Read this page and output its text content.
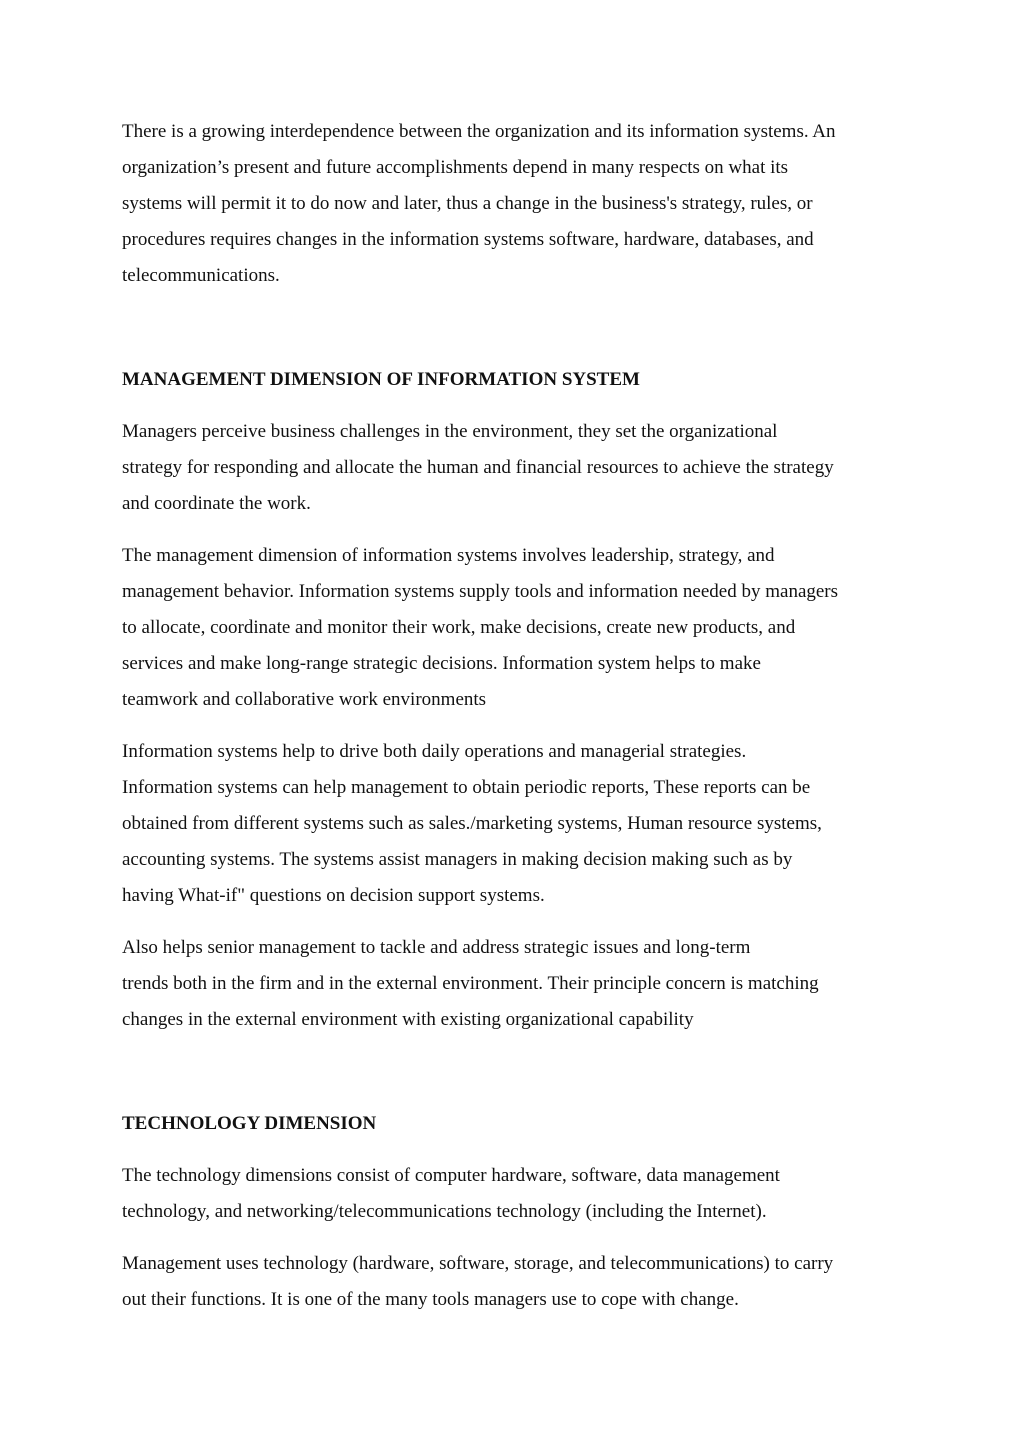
There is a growing interdependence between the organization and its information systems. An
organization’s present and future accomplishments depend in many respects on what its
systems will permit it to do now and later, thus a change in the business's strategy, rules, or
procedures requires changes in the information systems software, hardware, databases, and
telecommunications.

MANAGEMENT DIMENSION OF INFORMATION SYSTEM

Managers perceive business challenges in the environment, they set the organizational
strategy for responding and allocate the human and financial resources to achieve the strategy
and coordinate the work.

The management dimension of information systems involves leadership, strategy, and
management behavior. Information systems supply tools and information needed by managers
to allocate, coordinate and monitor their work, make decisions, create new products, and
services and make long-range strategic decisions. Information system helps to make
teamwork and collaborative work environments

Information systems help to drive both daily operations and managerial strategies.
Information systems can help management to obtain periodic reports, These reports can be
obtained from different systems such as sales./marketing systems, Human resource systems,
accounting systems. The systems assist managers in making decision making such as by
having What-if" questions on decision support systems.

Also helps senior management to tackle and address strategic issues and long-term
trends both in the firm and in the external environment. Their principle concern is matching
changes in the external environment with existing organizational capability

TECHNOLOGY DIMENSION

The technology dimensions consist of computer hardware, software, data management
technology, and networking/telecommunications technology (including the Internet).

Management uses technology (hardware, software, storage, and telecommunications) to carry
out their functions. It is one of the many tools managers use to cope with change.
